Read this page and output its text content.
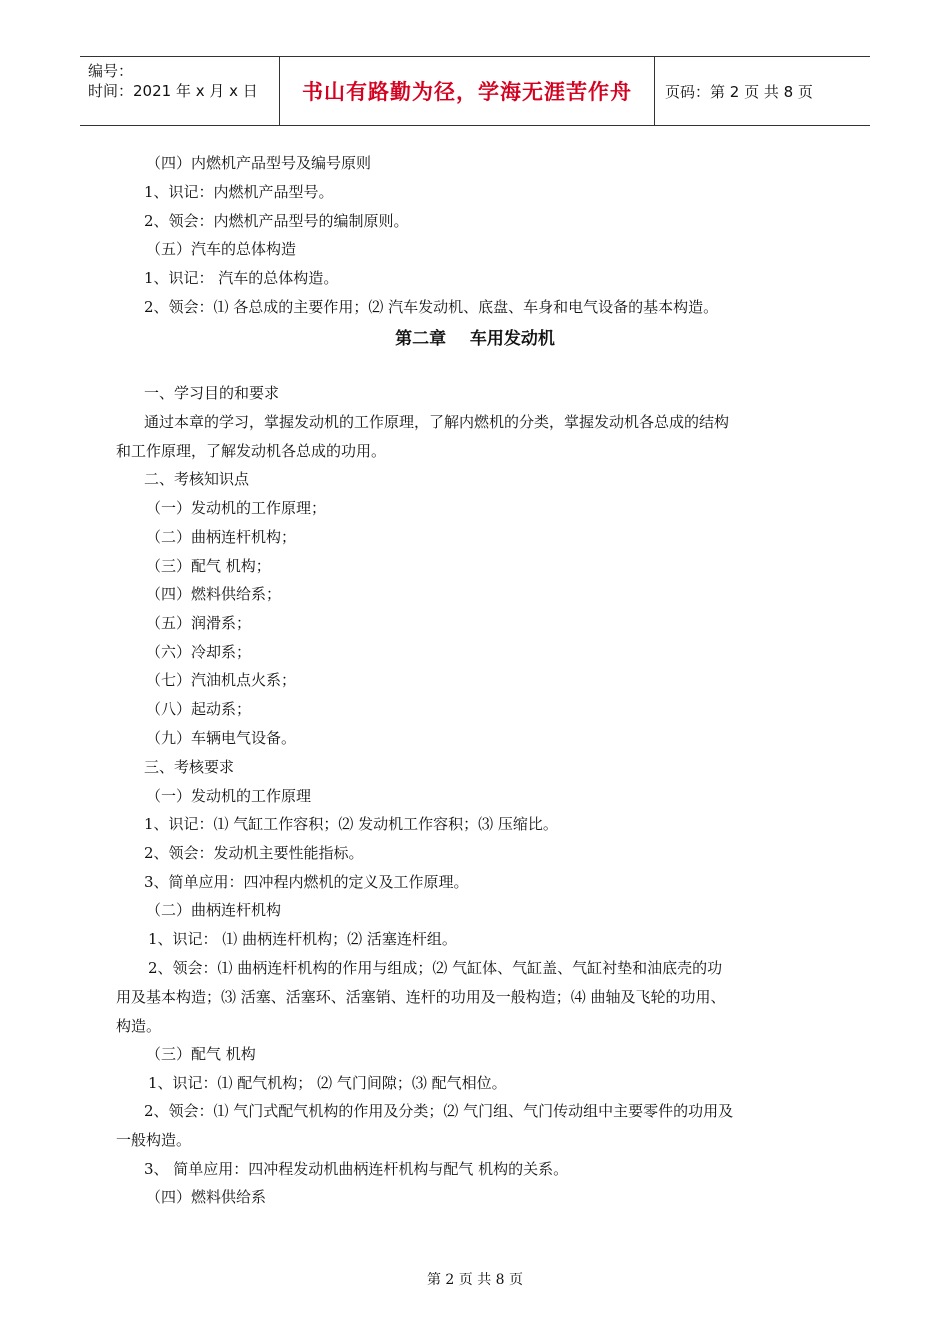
编号：
时间：2021 年 x 月 x 日	书山有路勤为径，学海无涯苦作舟	页码：第 2 页 共 8 页
（四）内燃机产品型号及编号原则
1、识记：内燃机产品型号。
2、领会：内燃机产品型号的编制原则。
（五）汽车的总体构造
1、识记： 汽车的总体构造。
2、领会：⑴ 各总成的主要作用；⑵ 汽车发动机、底盘、车身和电气设备的基本构造。
一、学习目的和要求
通过本章的学习，掌握发动机的工作原理，了解内燃机的分类，掌握发动机各总成的结构
和工作原理，了解发动机各总成的功用。
二、考核知识点
（一）发动机的工作原理；
（二）曲柄连杆机构；
（三）配气 机构；
（四）燃料供给系；
（五）润滑系；
（六）冷却系；
（七）汽油机点火系；
（八）起动系；
（九）车辆电气设备。
三、考核要求
（一）发动机的工作原理
1、识记：⑴ 气缸工作容积；⑵ 发动机工作容积；⑶ 压缩比。
2、领会：发动机主要性能指标。
3、简单应用：四冲程内燃机的定义及工作原理。
（二）曲柄连杆机构
1、识记： ⑴ 曲柄连杆机构；⑵ 活塞连杆组。
2、领会：⑴ 曲柄连杆机构的作用与组成；⑵ 气缸体、气缸盖、气缸衬垫和油底壳的功
用及基本构造；⑶ 活塞、活塞环、活塞销、连杆的功用及一般构造；⑷ 曲轴及飞轮的功用、
构造。
（三）配气 机构
1、识记：⑴ 配气机构； ⑵ 气门间隙；⑶ 配气相位。
2、领会：⑴ 气门式配气机构的作用及分类；⑵ 气门组、气门传动组中主要零件的功用及
一般构造。
3、 简单应用：四冲程发动机曲柄连杆机构与配气 机构的关系。
（四）燃料供给系
第二章    车用发动机
第 2 页 共 8 页
